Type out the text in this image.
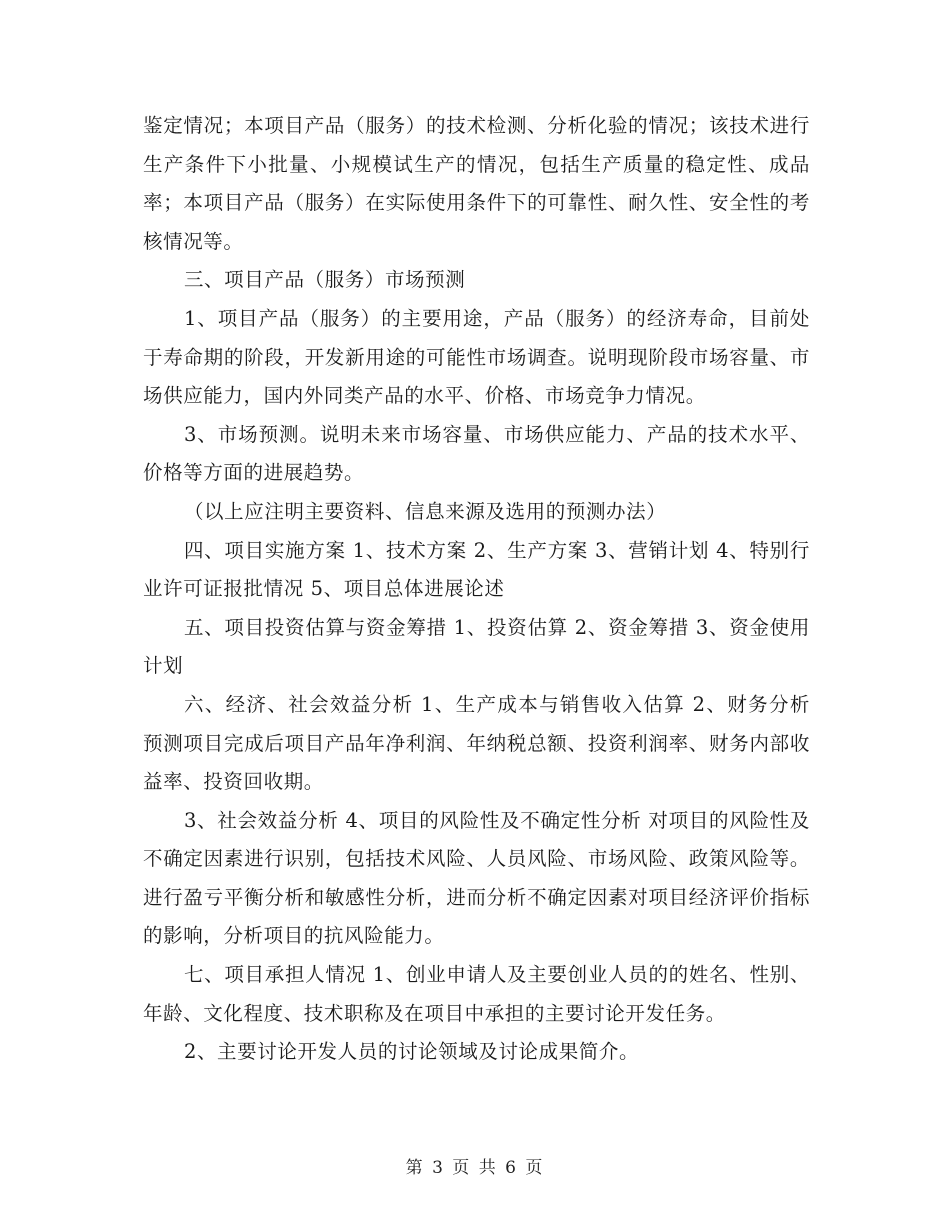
鉴定情况；本项目产品（服务）的技术检测、分析化验的情况；该技术进行生产条件下小批量、小规模试生产的情况，包括生产质量的稳定性、成品率；本项目产品（服务）在实际使用条件下的可靠性、耐久性、安全性的考核情况等。

三、项目产品（服务）市场预测

1、项目产品（服务）的主要用途，产品（服务）的经济寿命，目前处于寿命期的阶段，开发新用途的可能性市场调查。说明现阶段市场容量、市场供应能力，国内外同类产品的水平、价格、市场竞争力情况。

3、市场预测。说明未来市场容量、市场供应能力、产品的技术水平、价格等方面的进展趋势。

（以上应注明主要资料、信息来源及选用的预测办法）

四、项目实施方案 1、技术方案 2、生产方案 3、营销计划 4、特别行业许可证报批情况 5、项目总体进展论述

五、项目投资估算与资金筹措 1、投资估算 2、资金筹措 3、资金使用计划

六、经济、社会效益分析 1、生产成本与销售收入估算 2、财务分析 预测项目完成后项目产品年净利润、年纳税总额、投资利润率、财务内部收益率、投资回收期。

3、社会效益分析 4、项目的风险性及不确定性分析 对项目的风险性及不确定因素进行识别，包括技术风险、人员风险、市场风险、政策风险等。 进行盈亏平衡分析和敏感性分析，进而分析不确定因素对项目经济评价指标的影响，分析项目的抗风险能力。

七、项目承担人情况 1、创业申请人及主要创业人员的的姓名、性别、年龄、文化程度、技术职称及在项目中承担的主要讨论开发任务。

2、主要讨论开发人员的讨论领域及讨论成果简介。

第 3 页 共 6 页
